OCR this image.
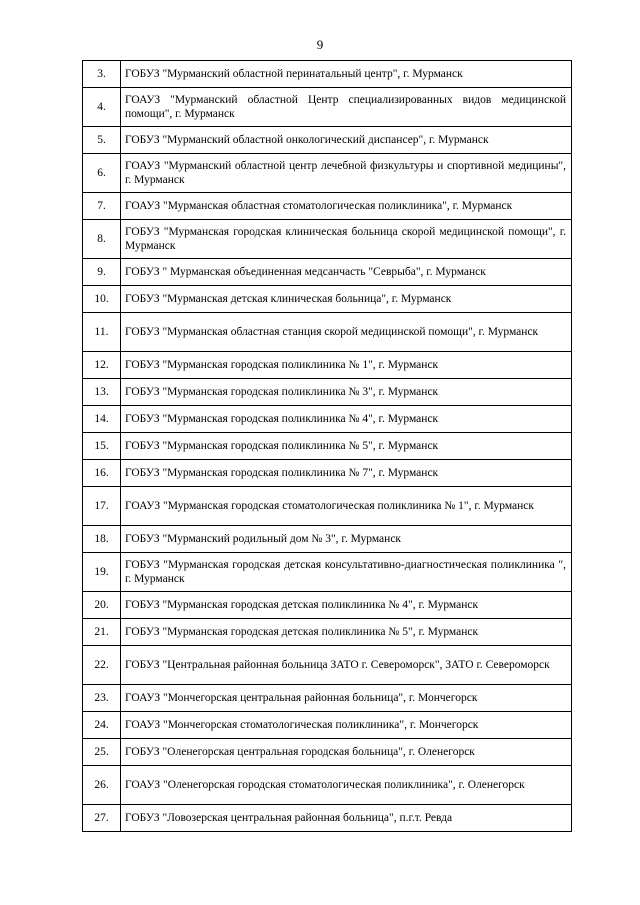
9
3.	ГОБУЗ "Мурманский областной перинатальный центр", г. Мурманск
4.	ГОАУЗ "Мурманский областной Центр специализированных видов медицинской помощи", г. Мурманск
5.	ГОБУЗ "Мурманский областной онкологический диспансер", г. Мурманск
6.	ГОАУЗ "Мурманский областной центр лечебной физкультуры и спортивной медицины", г. Мурманск
7.	ГОАУЗ "Мурманская областная стоматологическая поликлиника", г. Мурманск
8.	ГОБУЗ "Мурманская городская клиническая больница скорой медицинской помощи", г. Мурманск
9.	ГОБУЗ " Мурманская объединенная медсанчасть "Севрыба", г. Мурманск
10.	ГОБУЗ "Мурманская детская клиническая больница", г. Мурманск
11.	ГОБУЗ "Мурманская областная станция скорой медицинской помощи", г. Мурманск
12.	ГОБУЗ "Мурманская городская поликлиника № 1", г. Мурманск
13.	ГОБУЗ "Мурманская городская поликлиника № 3", г. Мурманск
14.	ГОБУЗ "Мурманская городская поликлиника № 4", г. Мурманск
15.	ГОБУЗ "Мурманская городская поликлиника № 5", г. Мурманск
16.	ГОБУЗ "Мурманская городская поликлиника № 7", г. Мурманск
17.	ГОАУЗ "Мурманская городская стоматологическая поликлиника № 1", г. Мурманск
18.	ГОБУЗ "Мурманский родильный дом № 3", г. Мурманск
19.	ГОБУЗ "Мурманская городская детская консультативно-диагностическая поликлиника ", г. Мурманск
20.	ГОБУЗ "Мурманская городская детская поликлиника № 4", г. Мурманск
21.	ГОБУЗ "Мурманская городская детская поликлиника № 5", г. Мурманск
22.	ГОБУЗ "Центральная районная больница ЗАТО г. Североморск", ЗАТО г. Североморск
23.	ГОАУЗ "Мончегорская центральная районная больница", г. Мончегорск
24.	ГОАУЗ "Мончегорская стоматологическая поликлиника", г. Мончегорск
25.	ГОБУЗ "Оленегорская центральная городская больница", г. Оленегорск
26.	ГОАУЗ "Оленегорская городская стоматологическая поликлиника", г. Оленегорск
27.	ГОБУЗ "Ловозерская центральная районная больница", п.г.т. Ревда
